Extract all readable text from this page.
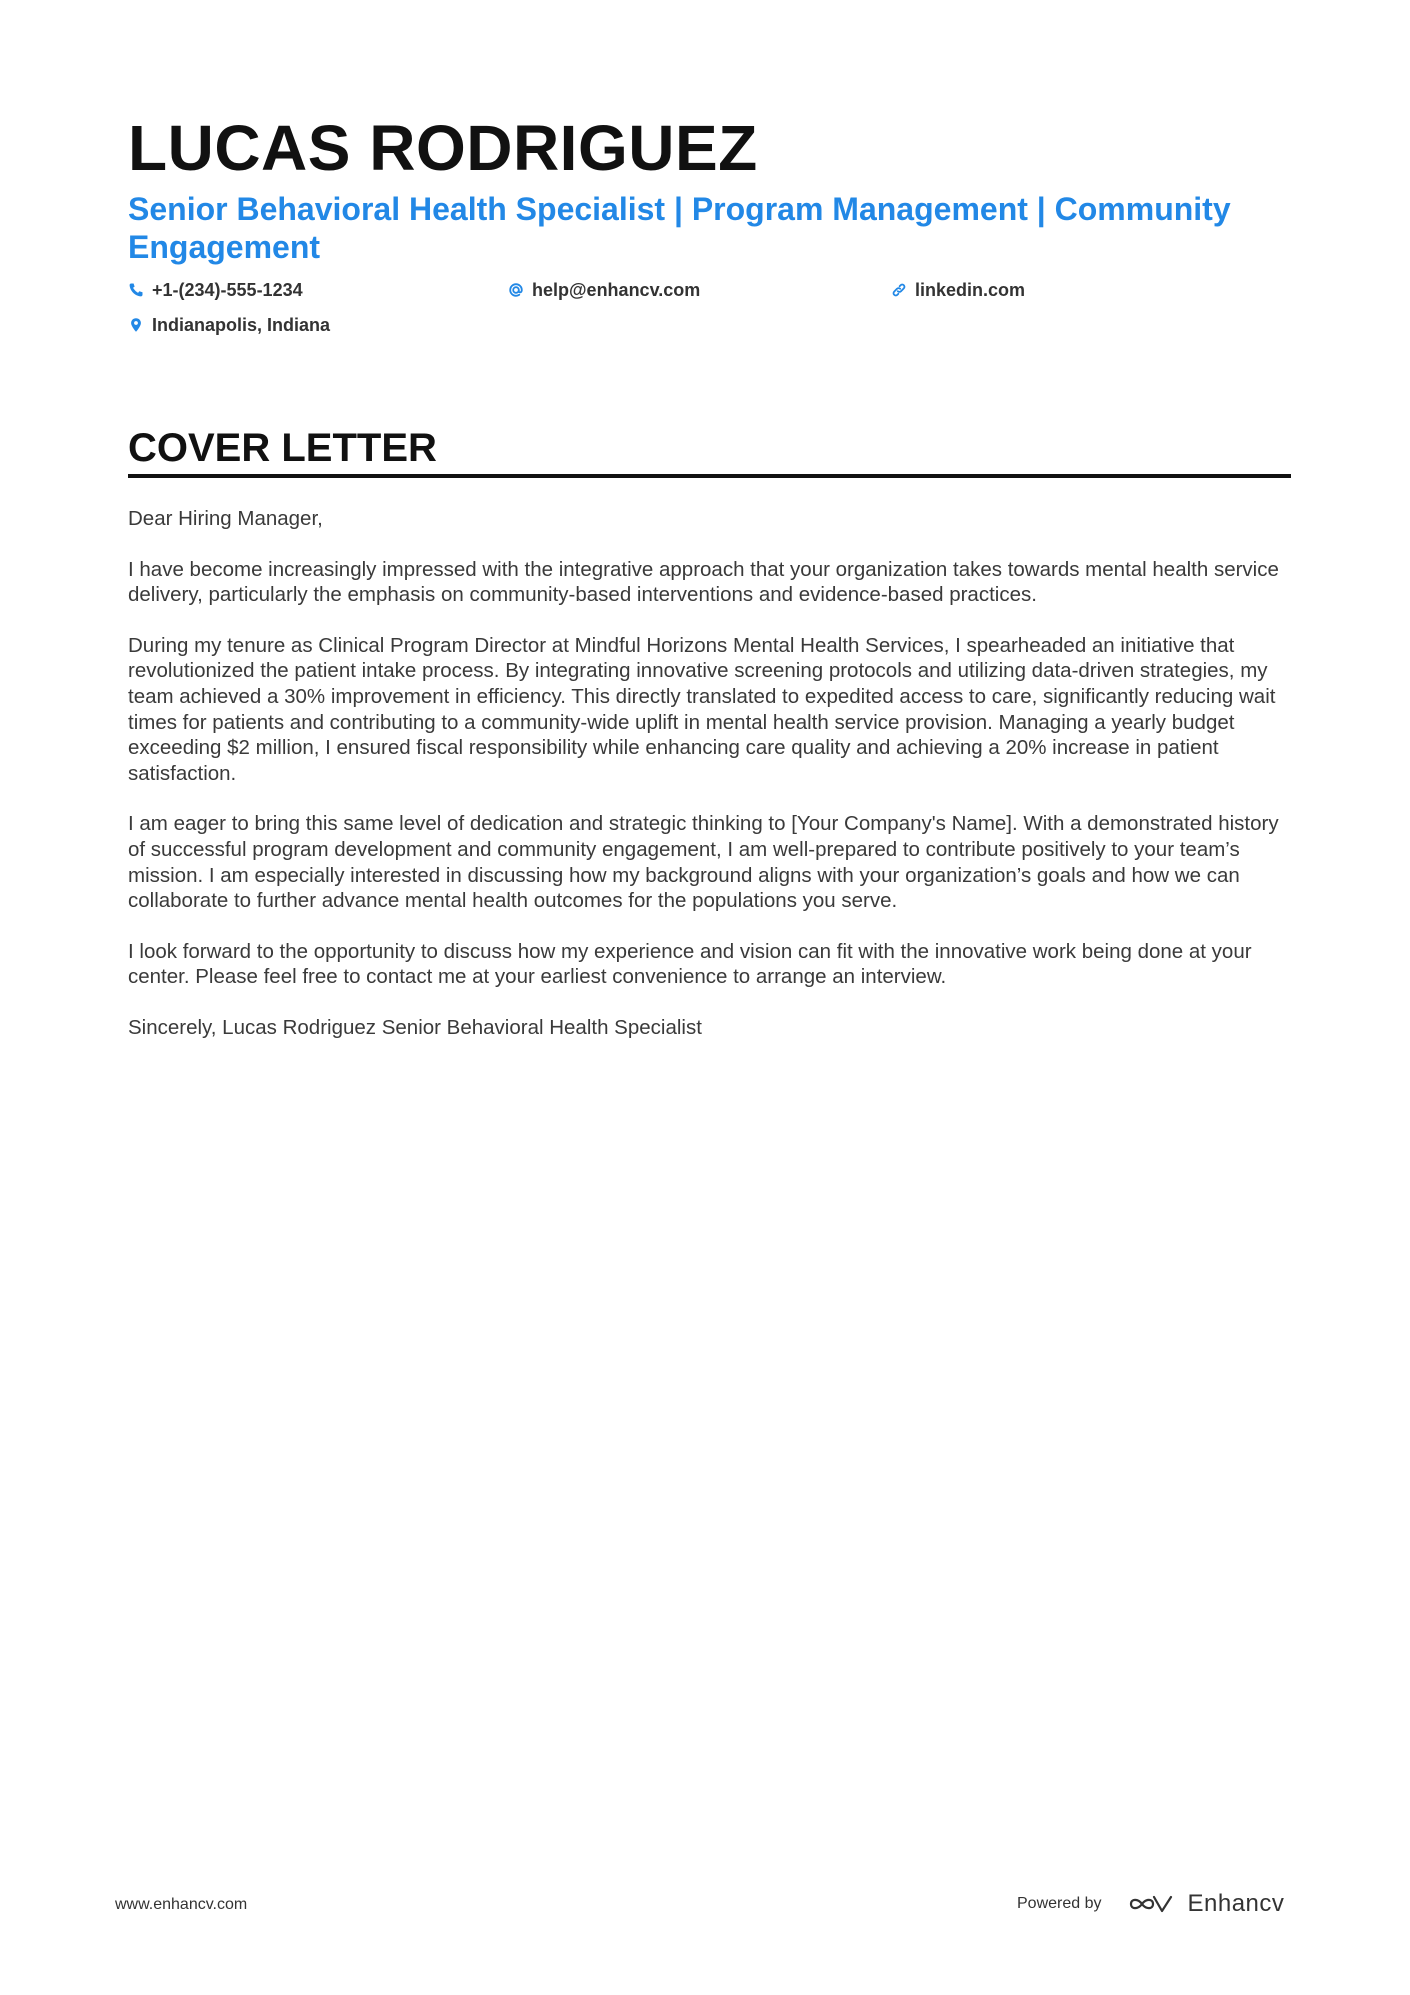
LUCAS RODRIGUEZ
Senior Behavioral Health Specialist | Program Management | Community Engagement
+1-(234)-555-1234	help@enhancv.com	linkedin.com
Indianapolis, Indiana
COVER LETTER

Dear Hiring Manager,

I have become increasingly impressed with the integrative approach that your organization takes towards mental health service delivery, particularly the emphasis on community-based interventions and evidence-based practices.

During my tenure as Clinical Program Director at Mindful Horizons Mental Health Services, I spearheaded an initiative that revolutionized the patient intake process. By integrating innovative screening protocols and utilizing data-driven strategies, my team achieved a 30% improvement in efficiency. This directly translated to expedited access to care, significantly reducing wait times for patients and contributing to a community-wide uplift in mental health service provision. Managing a yearly budget exceeding $2 million, I ensured fiscal responsibility while enhancing care quality and achieving a 20% increase in patient satisfaction.

I am eager to bring this same level of dedication and strategic thinking to [Your Company's Name]. With a demonstrated history of successful program development and community engagement, I am well-prepared to contribute positively to your team’s mission. I am especially interested in discussing how my background aligns with your organization’s goals and how we can collaborate to further advance mental health outcomes for the populations you serve.

I look forward to the opportunity to discuss how my experience and vision can fit with the innovative work being done at your center. Please feel free to contact me at your earliest convenience to arrange an interview.

Sincerely, Lucas Rodriguez Senior Behavioral Health Specialist

www.enhancv.com	Powered by	Enhancv
